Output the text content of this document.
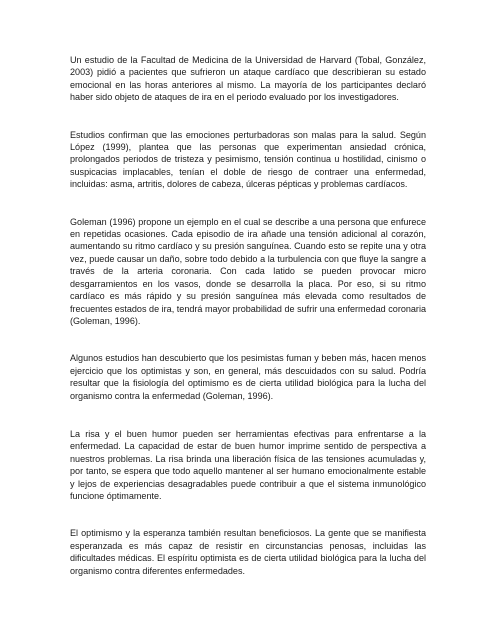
Un estudio de la Facultad de Medicina de la Universidad de Harvard (Tobal, González, 2003) pidió a pacientes que sufrieron un ataque cardíaco que describieran su estado emocional en las horas anteriores al mismo. La mayoría de los participantes declaró haber sido objeto de ataques de ira en el periodo evaluado por los investigadores.

Estudios confirman que las emociones perturbadoras son malas para la salud. Según López (1999), plantea que las personas que experimentan ansiedad crónica, prolongados periodos de tristeza y pesimismo, tensión continua u hostilidad, cinismo o suspicacias implacables, tenían el doble de riesgo de contraer una enfermedad, incluidas: asma, artritis, dolores de cabeza, úlceras pépticas y problemas cardíacos.

Goleman (1996) propone un ejemplo en el cual se describe a una persona que enfurece en repetidas ocasiones. Cada episodio de ira añade una tensión adicional al corazón, aumentando su ritmo cardíaco y su presión sanguínea. Cuando esto se repite una y otra vez, puede causar un daño, sobre todo debido a la turbulencia con que fluye la sangre a través de la arteria coronaria. Con cada latido se pueden provocar micro desgarramientos en los vasos, donde se desarrolla la placa. Por eso, si su ritmo cardíaco es más rápido y su presión sanguínea más elevada como resultados de frecuentes estados de ira, tendrá mayor probabilidad de sufrir una enfermedad coronaria (Goleman, 1996).

Algunos estudios han descubierto que los pesimistas fuman y beben más, hacen menos ejercicio que los optimistas y son, en general, más descuidados con su salud. Podría resultar que la fisiología del optimismo es de cierta utilidad biológica para la lucha del organismo contra la enfermedad (Goleman, 1996).

La risa y el buen humor pueden ser herramientas efectivas para enfrentarse a la enfermedad. La capacidad de estar de buen humor imprime sentido de perspectiva a nuestros problemas. La risa brinda una liberación física de las tensiones acumuladas y, por tanto, se espera que todo aquello mantener al ser humano emocionalmente estable y lejos de experiencias desagradables puede contribuir a que el sistema inmunológico funcione óptimamente.

El optimismo y la esperanza también resultan beneficiosos. La gente que se manifiesta esperanzada es más capaz de resistir en circunstancias penosas, incluidas las dificultades médicas. El espíritu optimista es de cierta utilidad biológica para la lucha del organismo contra diferentes enfermedades.
